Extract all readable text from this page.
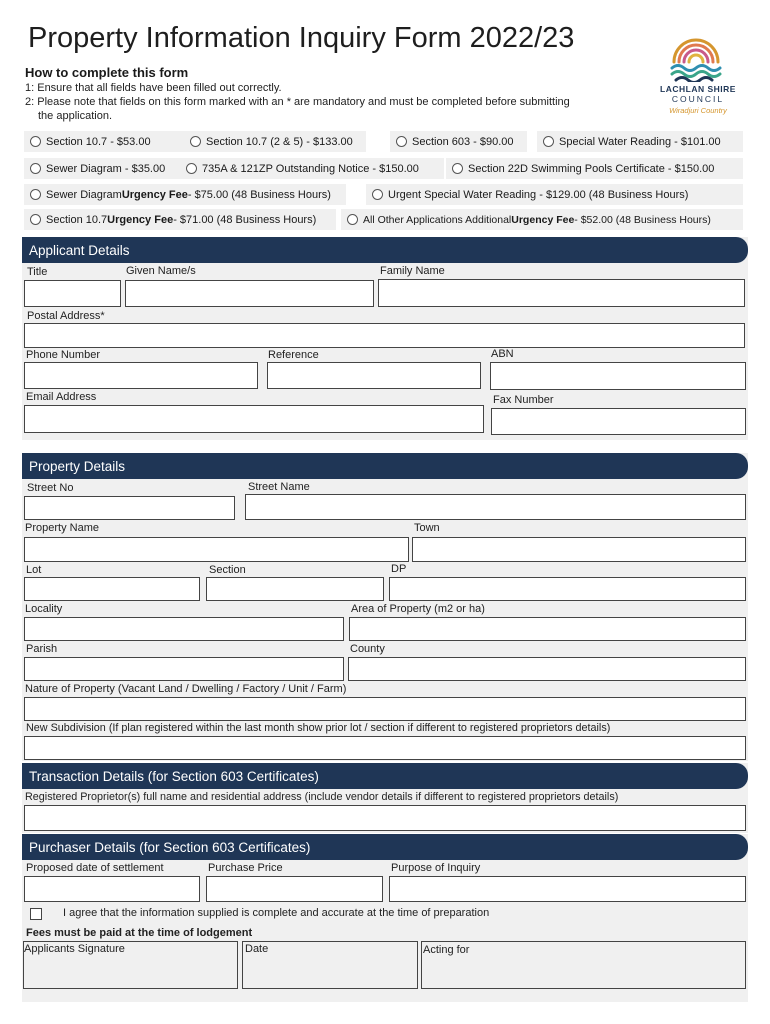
Property Information Inquiry Form 2022/23
How to complete this form
1: Ensure that all fields have been filled out correctly.
2: Please note that fields on this form marked with an * are mandatory and must be completed before submitting
the application.
LACHLAN SHIRE
COUNCIL
Wiradjuri Country
Section 10.7 - $53.00	Section 10.7 (2 & 5) - $133.00	Section 603 - $90.00	Special Water Reading - $101.00
Sewer Diagram - $35.00	735A & 121ZP Outstanding Notice - $150.00	Section 22D Swimming Pools Certificate - $150.00
Sewer Diagram Urgency Fee - $75.00 (48 Business Hours)	Urgent Special Water Reading - $129.00 (48 Business Hours)
Section 10.7 Urgency Fee - $71.00 (48 Business Hours)	All Other Applications Additional Urgency Fee - $52.00 (48 Business Hours)
Applicant Details
Title	Given Name/s	Family Name
Postal Address*
Phone Number	Reference	ABN
Email Address	Fax Number
Property Details
Street No	Street Name
Property Name	Town
Lot	Section	DP
Locality	Area of Property (m2 or ha)
Parish	County
Nature of Property (Vacant Land / Dwelling / Factory / Unit / Farm)
New Subdivision (If plan registered within the last month show prior lot / section if different to registered proprietors details)
Transaction Details (for Section 603 Certificates)
Registered Proprietor(s) full name and residential address (include vendor details if different to registered proprietors details)
Purchaser Details (for Section 603 Certificates)
Proposed date of settlement	Purchase Price	Purpose of Inquiry
I agree that the information supplied is complete and accurate at the time of preparation
Fees must be paid at the time of lodgement
Applicants Signature	Date	Acting for
